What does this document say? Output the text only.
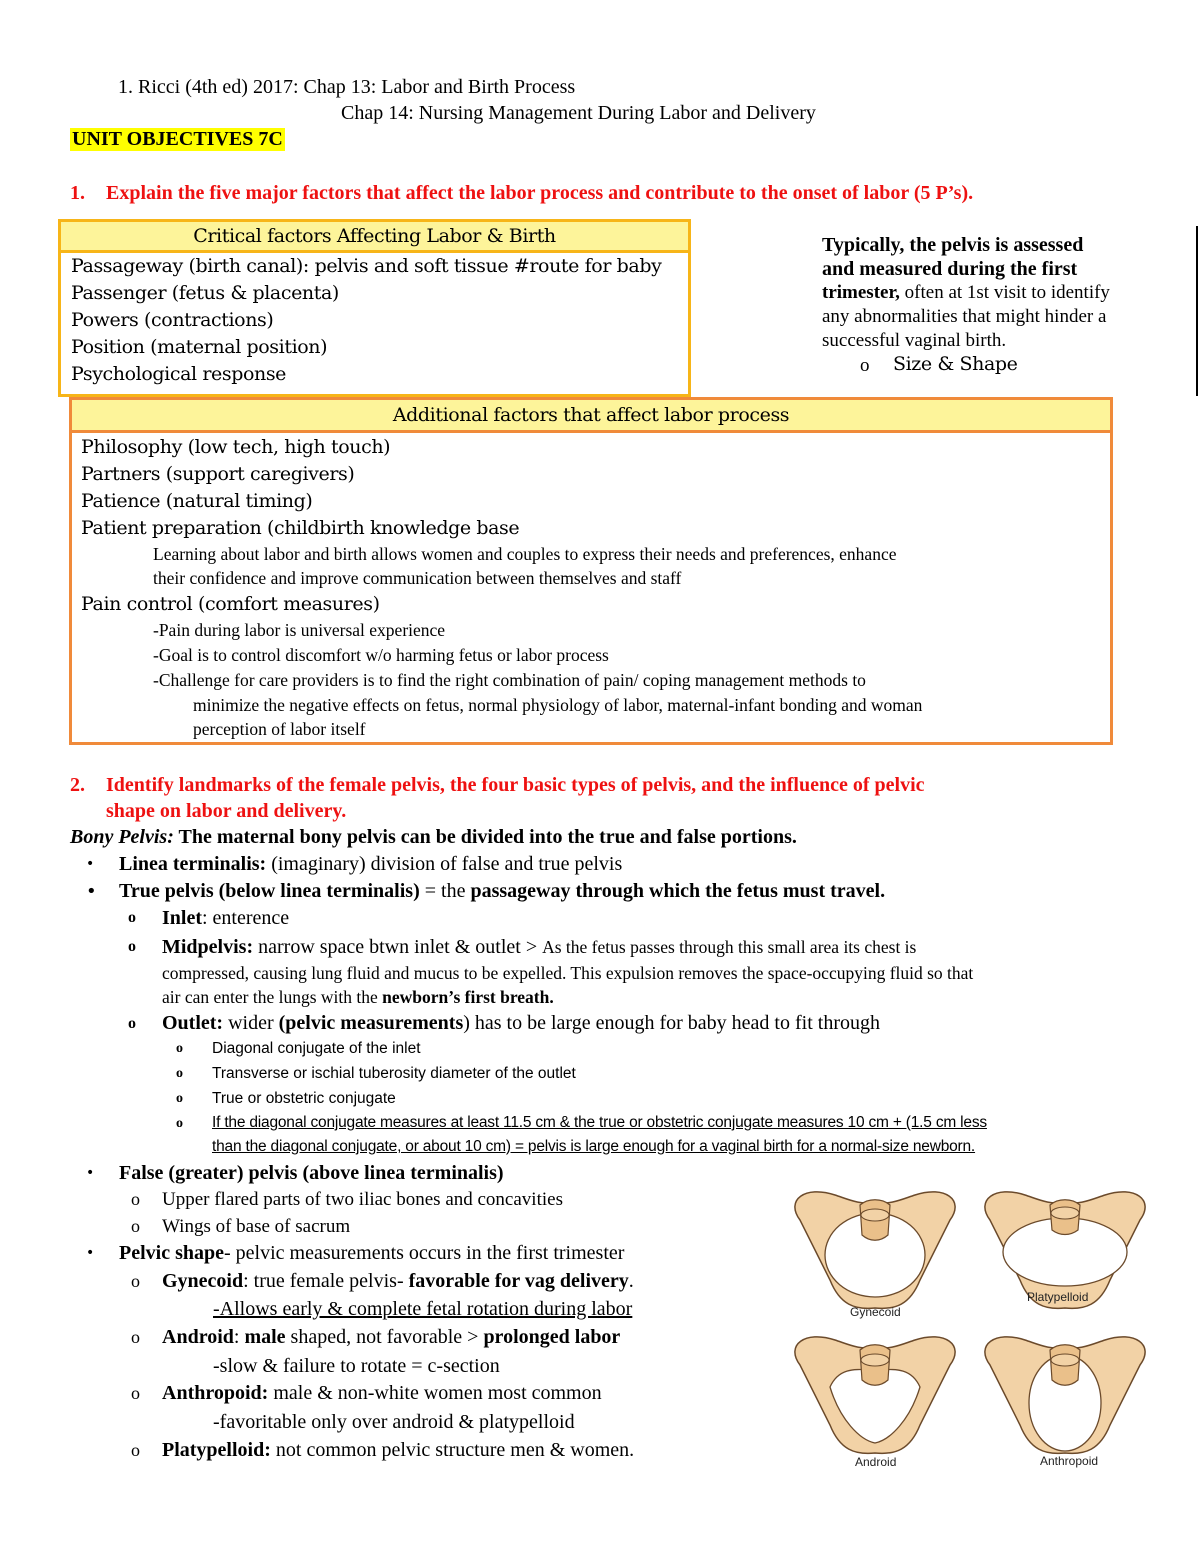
1. Ricci (4th ed) 2017: Chap 13: Labor and Birth Process
Chap 14: Nursing Management During Labor and Delivery
UNIT OBJECTIVES 7C
1. Explain the five major factors that affect the labor process and contribute to the onset of labor (5 P’s).
Critical factors Affecting Labor & Birth
Passageway (birth canal): pelvis and soft tissue #route for baby
Passenger (fetus & placenta)
Powers (contractions)
Position (maternal position)
Psychological response
Typically, the pelvis is assessed
and measured during the first
trimester, often at 1st visit to identify
any abnormalities that might hinder a
successful vaginal birth.
o Size & Shape
Additional factors that affect labor process
Philosophy (low tech, high touch)
Partners (support caregivers)
Patience (natural timing)
Patient preparation (childbirth knowledge base
Learning about labor and birth allows women and couples to express their needs and preferences, enhance
their confidence and improve communication between themselves and staff
Pain control (comfort measures)
-Pain during labor is universal experience
-Goal is to control discomfort w/o harming fetus or labor process
-Challenge for care providers is to find the right combination of pain/ coping management methods to
minimize the negative effects on fetus, normal physiology of labor, maternal-infant bonding and woman
perception of labor itself
2. Identify landmarks of the female pelvis, the four basic types of pelvis, and the influence of pelvic
shape on labor and delivery.
Bony Pelvis: The maternal bony pelvis can be divided into the true and false portions.
• Linea terminalis: (imaginary) division of false and true pelvis
• True pelvis (below linea terminalis) = the passageway through which the fetus must travel.
o Inlet: enterence
o Midpelvis: narrow space btwn inlet & outlet > As the fetus passes through this small area its chest is
compressed, causing lung fluid and mucus to be expelled. This expulsion removes the space-occupying fluid so that
air can enter the lungs with the newborn’s first breath.
o Outlet: wider (pelvic measurements) has to be large enough for baby head to fit through
o Diagonal conjugate of the inlet
o Transverse or ischial tuberosity diameter of the outlet
o True or obstetric conjugate
o If the diagonal conjugate measures at least 11.5 cm & the true or obstetric conjugate measures 10 cm + (1.5 cm less
than the diagonal conjugate, or about 10 cm) = pelvis is large enough for a vaginal birth for a normal-size newborn.
• False (greater) pelvis (above linea terminalis)
o Upper flared parts of two iliac bones and concavities
o Wings of base of sacrum
• Pelvic shape- pelvic measurements occurs in the first trimester
o Gynecoid: true female pelvis- favorable for vag delivery.
-Allows early & complete fetal rotation during labor
o Android: male shaped, not favorable > prolonged labor
-slow & failure to rotate = c-section
o Anthropoid: male & non-white women most common
-favoritable only over android & platypelloid
o Platypelloid: not common pelvic structure men & women.
Gynecoid
Platypelloid
Android	Anthropoid
